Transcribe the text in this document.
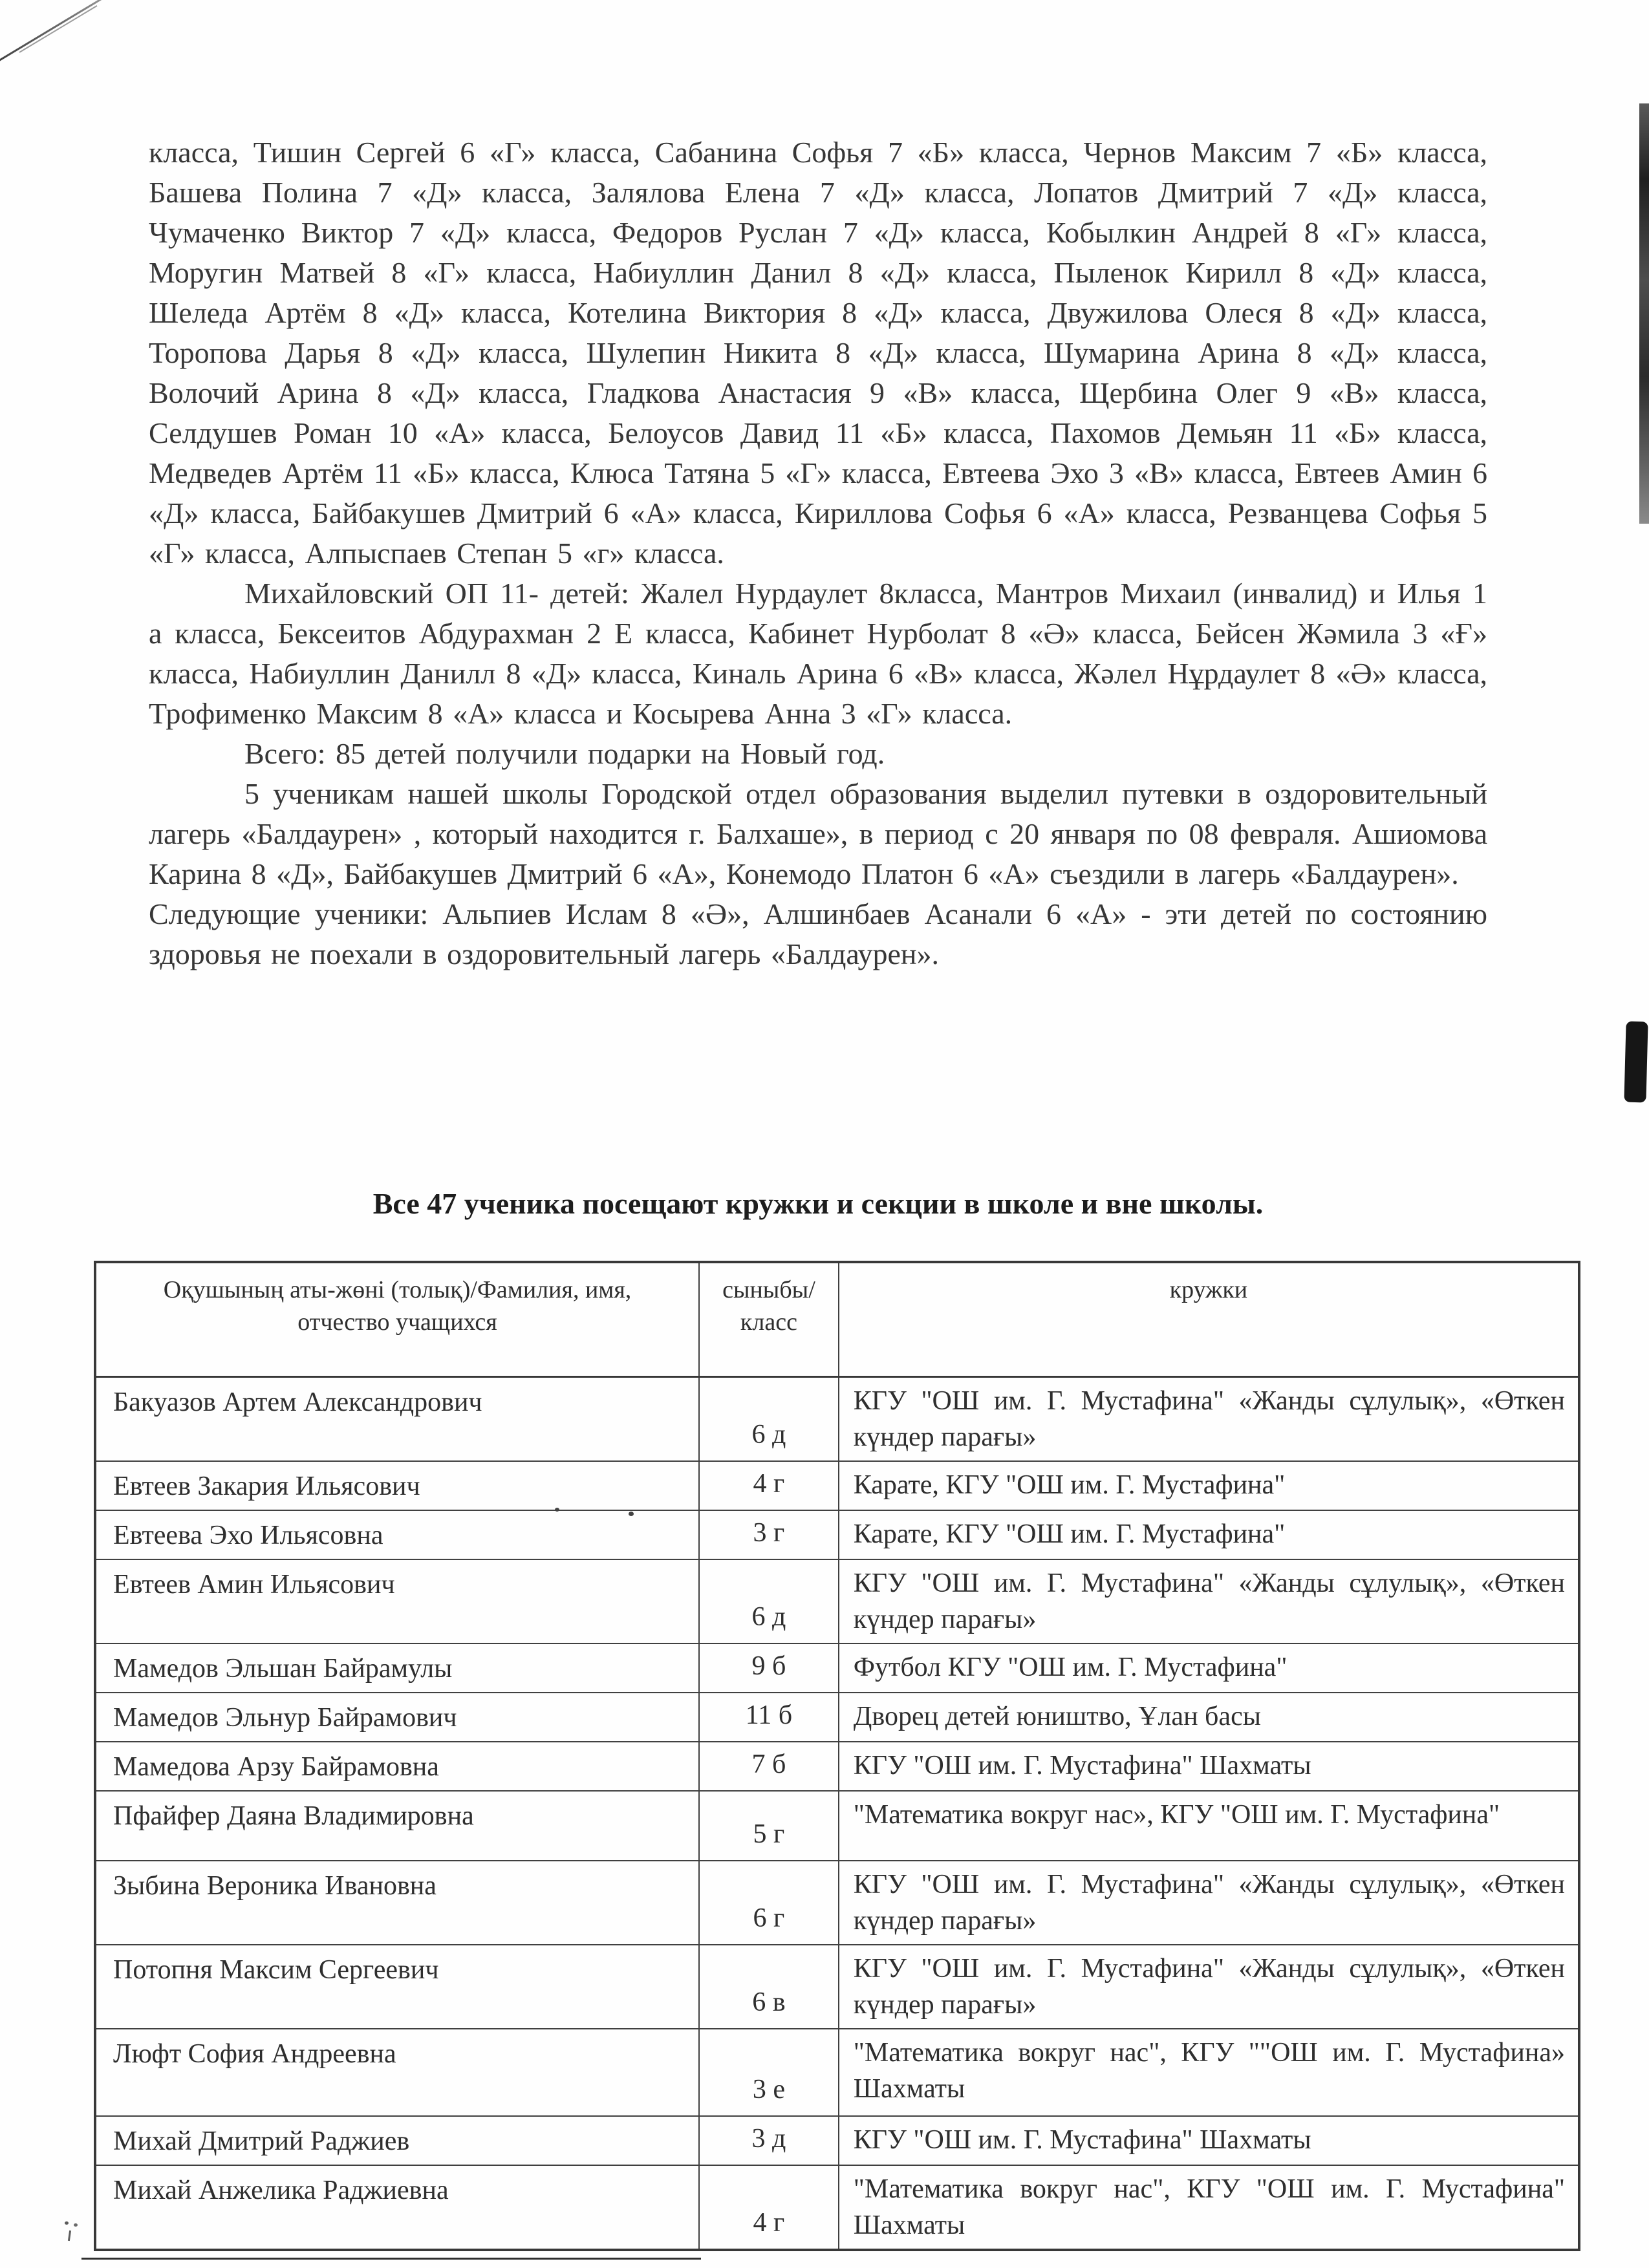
класса, Тишин Сергей 6 «Г» класса, Сабанина Софья 7 «Б» класса, Чернов Максим 7 «Б» класса, Башева Полина 7 «Д» класса, Залялова Елена 7 «Д» класса, Лопатов Дмитрий 7 «Д» класса, Чумаченко Виктор 7 «Д» класса, Федоров Руслан 7 «Д» класса, Кобылкин Андрей 8 «Г» класса, Моругин Матвей 8 «Г» класса, Набиуллин Данил 8 «Д» класса, Пыленок Кирилл 8 «Д» класса, Шеледа Артём 8 «Д» класса, Котелина Виктория 8 «Д» класса, Двужилова Олеся 8 «Д» класса, Торопова Дарья 8 «Д» класса, Шулепин Никита 8 «Д» класса, Шумарина Арина 8 «Д» класса, Волочий Арина 8 «Д» класса, Гладкова Анастасия 9 «В» класса, Щербина Олег 9 «В» класса, Селдушев Роман 10 «А» класса, Белоусов Давид 11 «Б» класса, Пахомов Демьян 11 «Б» класса, Медведев Артём 11 «Б» класса, Клюса Татяна 5 «Г» класса, Евтеева Эхо 3 «В» класса, Евтеев Амин 6 «Д» класса, Байбакушев Дмитрий 6 «А» класса, Кириллова Софья 6 «А» класса, Резванцева Софья 5 «Г» класса, Алпыспаев Степан 5 «г» класса.

Михайловский ОП 11- детей: Жалел Нурдаулет 8класса, Мантров Михаил (инвалид) и Илья 1 а класса, Бексеитов Абдурахман 2 Е класса, Кабинет Нурболат 8 «Ә» класса, Бейсен Жәмила 3 «Ғ» класса, Набиуллин Данилл 8 «Д» класса, Киналь Арина 6 «В» класса, Жәлел Нұрдаулет 8 «Ә» класса, Трофименко Максим 8 «А» класса и Косырева Анна 3 «Г» класса.

Всего: 85 детей получили подарки на Новый год.

5 ученикам нашей школы Городской отдел образования выделил путевки в оздоровительный лагерь «Балдаурен» , который находится г. Балхаше», в период с 20 января по 08 февраля. Ашиомова Карина 8 «Д», Байбакушев Дмитрий 6 «А», Конемодо Платон 6 «А» съездили в лагерь «Балдаурен».

Следующие ученики: Альпиев Ислам 8 «Ә», Алшинбаев Асанали 6 «А» - эти детей по состоянию здоровья не поехали в оздоровительный лагерь «Балдаурен».

Все 47 ученика посещают кружки и секции в школе и вне школы.
Оқушының аты-жөні (толық)/Фамилия, имя, отчество учащихся	сыныбы/ класс	кружки
Бакуазов Артем Александрович	6 д	КГУ "ОШ им. Г. Мустафина" «Жанды сұлулық», «Өткен күндер парағы»
Евтеев Закария Ильясович	4 г	Карате, КГУ "ОШ им. Г. Мустафина"
Евтеева Эхо Ильясовна	3 г	Карате, КГУ "ОШ им. Г. Мустафина"
Евтеев Амин Ильясович	6 д	КГУ "ОШ им. Г. Мустафина" «Жанды сұлулық», «Өткен күндер парағы»
Мамедов Эльшан Байрамулы	9 б	Футбол КГУ "ОШ им. Г. Мустафина"
Мамедов Эльнур Байрамович	11 б	Дворец детей юништво, Ұлан басы
Мамедова Арзу Байрамовна	7 б	КГУ "ОШ им. Г. Мустафина" Шахматы
Пфайфер Даяна Владимировна	5 г	"Математика вокруг нас», КГУ "ОШ им. Г. Мустафина"
Зыбина Вероника Ивановна	6 г	КГУ "ОШ им. Г. Мустафина" «Жанды сұлулық», «Өткен күндер парағы»
Потопня Максим Сергеевич	6 в	КГУ "ОШ им. Г. Мустафина" «Жанды сұлулық», «Өткен күндер парағы»
Люфт София Андреевна	3 е	"Математика вокруг нас", КГУ ""ОШ им. Г. Мустафина» Шахматы
Михай Дмитрий Раджиев	3 д	КГУ "ОШ им. Г. Мустафина" Шахматы
Михай Анжелика Раджиевна	4 г	"Математика вокруг нас", КГУ "ОШ им. Г. Мустафина" Шахматы
